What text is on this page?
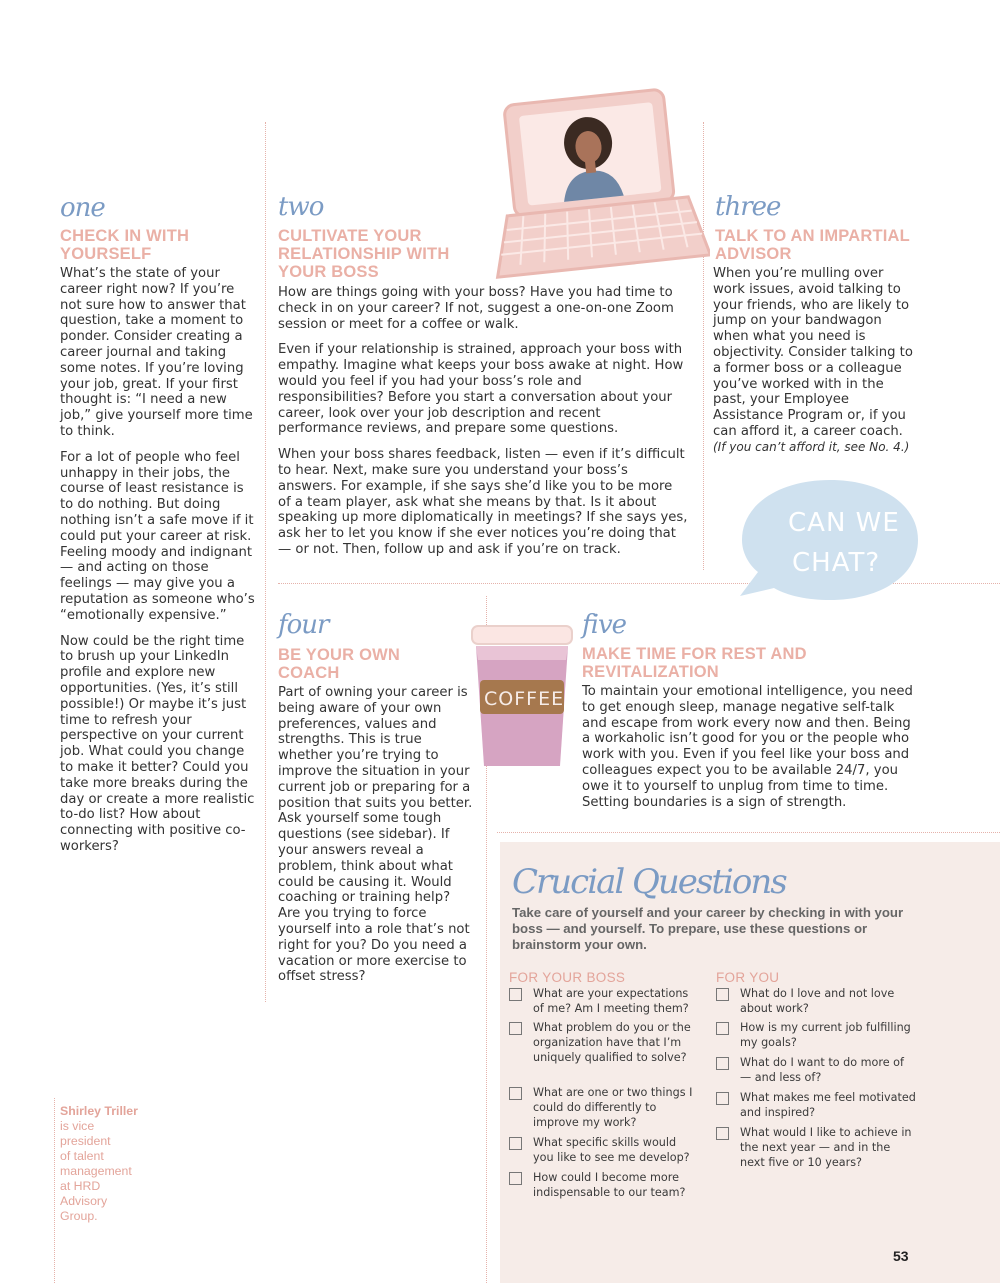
CAN WE
CHAT?
COFFEE
one
CHECK IN WITH YOURSELF

What’s the state of your career right now? If you’re not sure how to answer that question, take a moment to ponder. Consider creating a career journal and taking some notes. If you’re loving your job, great. If your first thought is: “I need a new job,” give yourself more time to think.

For a lot of people who feel unhappy in their jobs, the course of least resistance is to do nothing. But doing nothing isn’t a safe move if it could put your career at risk. Feeling moody and indignant — and acting on those feelings — may give you a reputation as someone who’s “emotionally expensive.”

Now could be the right time to brush up your LinkedIn profile and explore new opportunities. (Yes, it’s still possible!) Or maybe it’s just time to refresh your perspective on your current job. What could you change to make it better? Could you take more breaks during the day or create a more realistic to-do list? How about connecting with positive co-workers?

two
CULTIVATE YOUR RELATIONSHIP WITH YOUR BOSS

How are things going with your boss? Have you had time to check in on your career? If not, suggest a one-on-one Zoom session or meet for a coffee or walk.

Even if your relationship is strained, approach your boss with empathy. Imagine what keeps your boss awake at night. How would you feel if you had your boss’s role and responsibilities? Before you start a conversation about your career, look over your job description and recent performance reviews, and prepare some questions.

When your boss shares feedback, listen — even if it’s difficult to hear. Next, make sure you understand your boss’s answers. For example, if she says she’d like you to be more of a team player, ask what she means by that. Is it about speaking up more diplomatically in meetings? If she says yes, ask her to let you know if she ever notices you’re doing that — or not. Then, follow up and ask if you’re on track.

three
TALK TO AN IMPARTIAL ADVISOR

When you’re mulling over work issues, avoid talking to your friends, who are likely to jump on your bandwagon when what you need is objectivity. Consider talking to a former boss or a colleague you’ve worked with in the past, your Employee Assistance Program or, if you can afford it, a career coach.

(If you can’t afford it, see No. 4.)

four
BE YOUR OWN COACH

Part of owning your career is being aware of your own preferences, values and strengths. This is true whether you’re trying to improve the situation in your current job or preparing for a position that suits you better. Ask yourself some tough questions (see sidebar). If your answers reveal a problem, think about what could be causing it. Would coaching or training help? Are you trying to force yourself into a role that’s not right for you? Do you need a vacation or more exercise to offset stress?

five
MAKE TIME FOR REST AND REVITALIZATION

To maintain your emotional intelligence, you need to get enough sleep, manage negative self-talk and escape from work every now and then. Being a workaholic isn’t good for you or the people who work with you. Even if you feel like your boss and colleagues expect you to be available 24/7, you owe it to yourself to unplug from time to time. Setting boundaries is a sign of strength.

Crucial Questions
Take care of yourself and your career by checking in with your boss — and yourself. To prepare, use these questions or brainstorm your own.
FOR YOUR BOSS	FOR YOU
What are your expectations of me? Am I meeting them?
What problem do you or the organization have that I’m uniquely qualified to solve?
What are one or two things I could do differently to improve my work?
What specific skills would you like to see me develop?
How could I become more indispensable to our team?
What do I love and not love about work?
How is my current job fulfilling my goals?
What do I want to do more of — and less of?
What makes me feel motivated and inspired?
What would I like to achieve in the next year — and in the next five or 10 years?
Shirley Triller
is vice
president
of talent
management
at HRD
Advisory
Group.
53
